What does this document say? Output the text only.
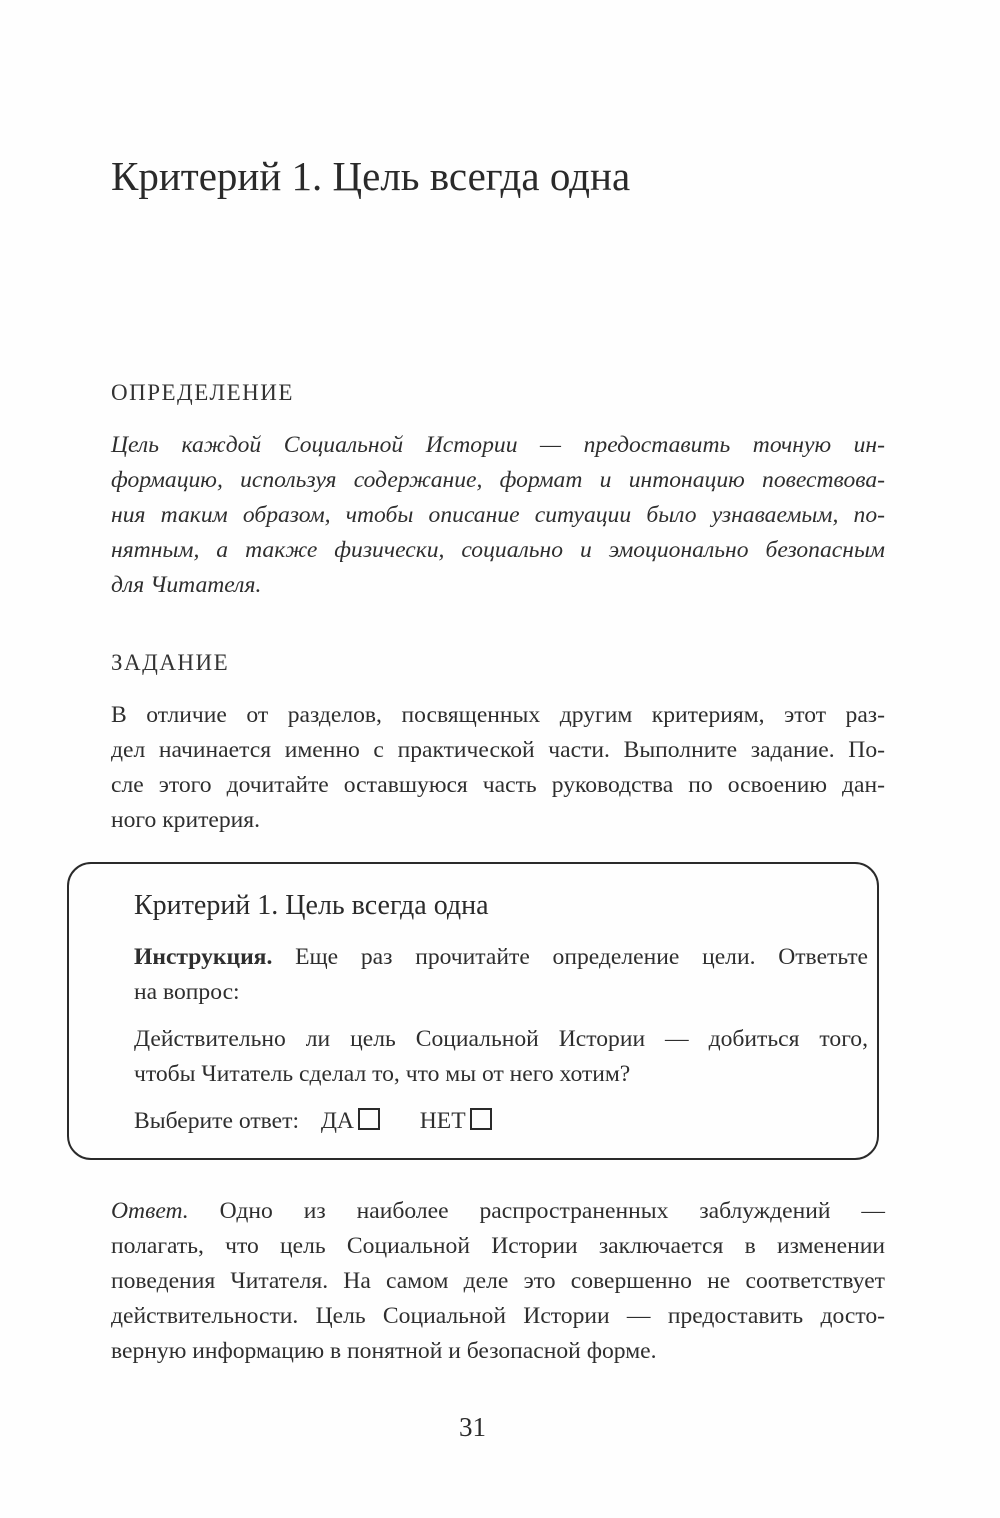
Критерий 1. Цель всегда одна
ОПРЕДЕЛЕНИЕ

Цель каждой Социальной Истории — предоставить точную ин-
формацию, используя содержание, формат и интонацию повествова-
ния таким образом, чтобы описание ситуации было узнаваемым, по-
нятным, а также физически, социально и эмоционально безопасным
для Читателя.

ЗАДАНИЕ

В отличие от разделов, посвященных другим критериям, этот раз-
дел начинается именно с практической части. Выполните задание. По-
сле этого дочитайте оставшуюся часть руководства по освоению дан-
ного критерия.

Критерий 1. Цель всегда одна

Инструкция. Еще раз прочитайте определение цели. Ответьте
на вопрос:

Действительно ли цель Социальной Истории — добиться того,
чтобы Читатель сделал то, что мы от него хотим?

Выберите ответ: ДА	НЕТ

Ответ. Одно из наиболее распространенных заблуждений —
полагать, что цель Социальной Истории заключается в изменении
поведения Читателя. На самом деле это совершенно не соответствует
действительности. Цель Социальной Истории — предоставить досто-
верную информацию в понятной и безопасной форме.

31
